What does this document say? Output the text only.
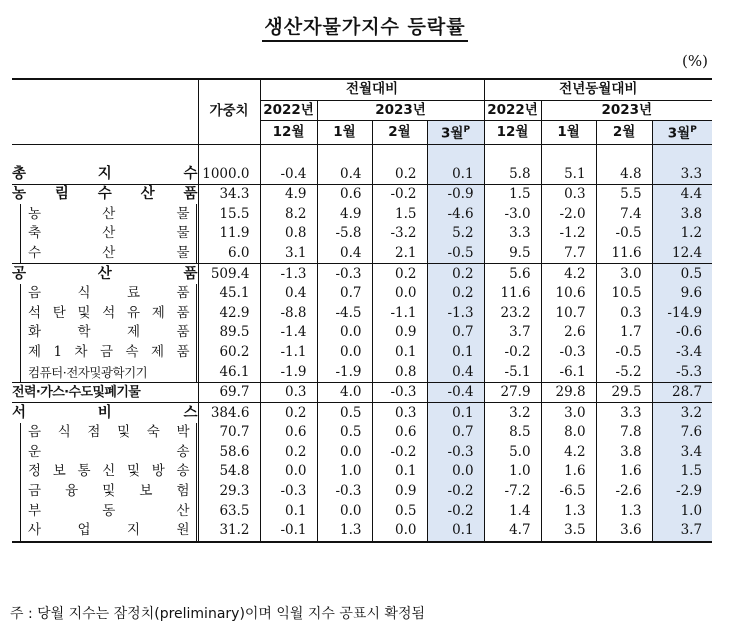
생산자물가지수 등락률
(%)
	가중치	전월대비				전년동월대비			
		2022년	2023년			2022년	2023년		
		12월	1월	2월	3월$^P$	12월	1월	2월	3월$^P$

총 지 수	1000.0	-0.4	0.4	0.2	0.1	5.8	5.1	4.8	3.3
농 림 수 산 품	34.3	4.9	0.6	-0.2	-0.9	1.5	0.3	5.5	4.4
농 산 물	15.5	8.2	4.9	1.5	-4.6	-3.0	-2.0	7.4	3.8
축 산 물	11.9	0.8	-5.8	-3.2	5.2	3.3	-1.2	-0.5	1.2
수 산 물	6.0	3.1	0.4	2.1	-0.5	9.5	7.7	11.6	12.4
공 산 품	509.4	-1.3	-0.3	0.2	0.2	5.6	4.2	3.0	0.5
음 식 료 품	45.1	0.4	0.7	0.0	0.2	11.6	10.6	10.5	9.6
석 탄 및 석 유 제 품	42.9	-8.8	-4.5	-1.1	-1.3	23.2	10.7	0.3	-14.9
화 학 제 품	89.5	-1.4	0.0	0.9	0.7	3.7	2.6	1.7	-0.6
제 1 차 금 속 제 품	60.2	-1.1	0.0	0.1	0.1	-0.2	-0.3	-0.5	-3.4
컴퓨터·전자및광학기기	46.1	-1.9	-1.9	0.8	0.4	-5.1	-6.1	-5.2	-5.3
전력·가스·수도및폐기물	69.7	0.3	4.0	-0.3	-0.4	27.9	29.8	29.5	28.7
서 비 스	384.6	0.2	0.5	0.3	0.1	3.2	3.0	3.3	3.2
음 식 점 및 숙 박	70.7	0.6	0.5	0.6	0.7	8.5	8.0	7.8	7.6
운 송	58.6	0.2	0.0	-0.2	-0.3	5.0	4.2	3.8	3.4
정 보 통 신 및 방 송	54.8	0.0	1.0	0.1	0.0	1.0	1.6	1.6	1.5
금 융 및 보 험	29.3	-0.3	-0.3	0.9	-0.2	-7.2	-6.5	-2.6	-2.9
부 동 산	63.5	0.1	0.0	0.5	-0.2	1.4	1.3	1.3	1.0
사 업 지 원	31.2	-0.1	1.3	0.0	0.1	4.7	3.5	3.6	3.7
주 : 당월 지수는 잠정치(preliminary)이며 익월 지수 공표시 확정됨
